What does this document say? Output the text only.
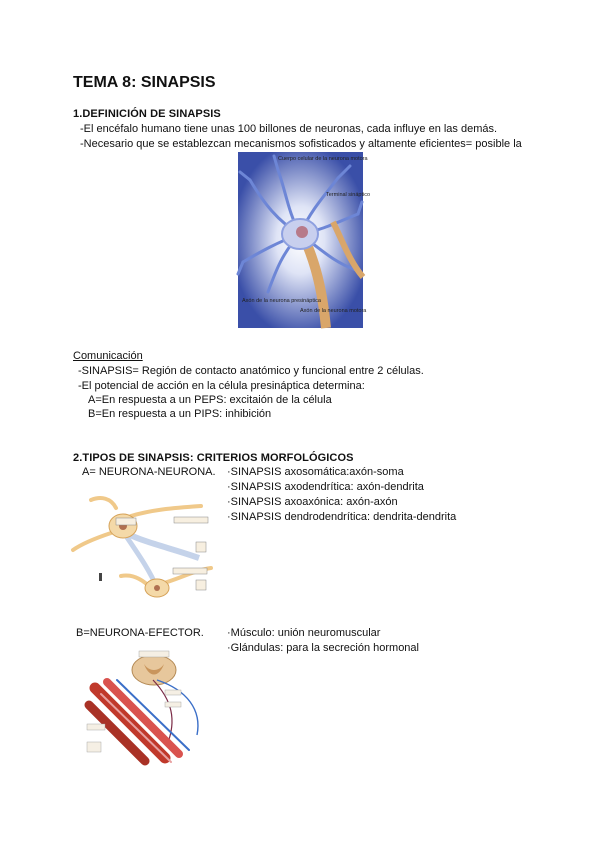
TEMA 8: SINAPSIS
1.DEFINICIÓN DE SINAPSIS
-El encéfalo humano tiene unas 100 billones de neuronas, cada influye en las demás.
-Necesario que se establezcan mecanismos sofisticados y altamente eficientes= posible la
Cuerpo celular de la neurona motora
Terminal sináptico
Axón de la neurona presináptica
Axón de la neurona motora
Comunicación
-SINAPSIS= Región de contacto anatómico y funcional entre 2 células.
-El potencial de acción en la célula presináptica determina:
A=En respuesta a un PEPS: excitaión de la célula
B=En respuesta a un PIPS: inhibición
2.TIPOS DE SINAPSIS: CRITERIOS MORFOLÓGICOS
A= NEURONA-NEURONA. ·SINAPSIS axosomática:axón-soma
·SINAPSIS axodendrítica: axón-dendrita
·SINAPSIS axoaxónica: axón-axón
·SINAPSIS dendrodendrítica: dendrita-dendrita
B=NEURONA-EFECTOR. ·Músculo: unión neuromuscular
·Glándulas: para la secreción hormonal
